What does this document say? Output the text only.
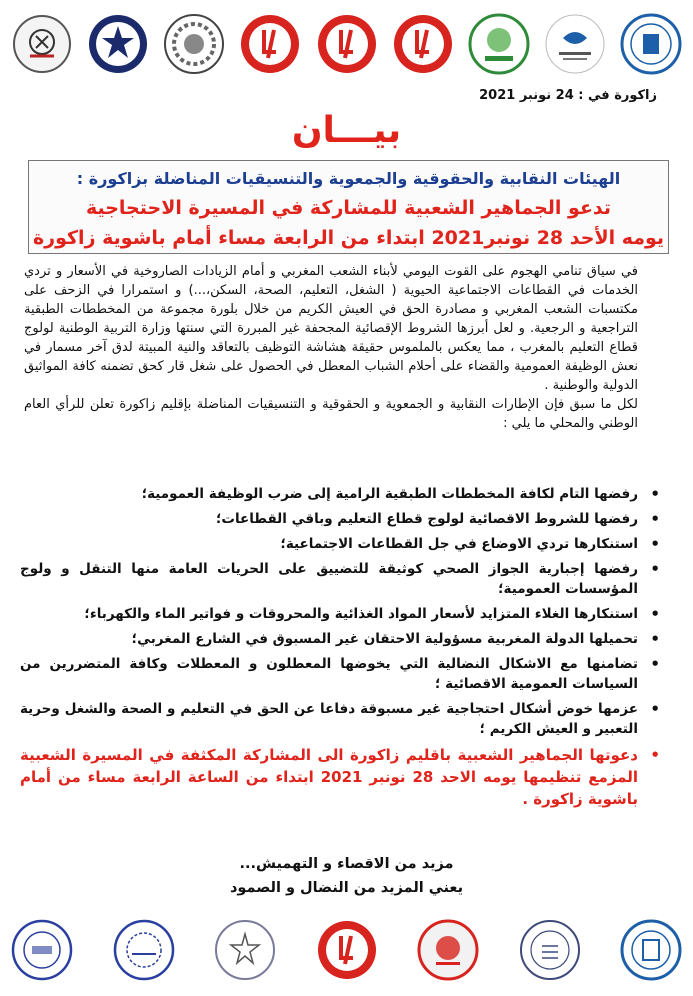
زاكورة في : 24 نونبر 2021
بيـــان
الهيئات النقابية والحقوقية والجمعوية والتنسيقيات المناضلة بزاكورة :
تدعو الجماهير الشعبية للمشاركة في المسيرة الاحتجاجية
يومه الأحد 28 نونبر2021 ابتداء من الرابعة مساء أمام باشوية زاكورة

في سياق تنامي الهجوم على القوت اليومي لأبناء الشعب المغربي و أمام الزيادات الصاروخية في الأسعار و تردي الخدمات في القطاعات الاجتماعية الحيوية ( الشغل، التعليم، الصحة، السكن،...) و استمرارا في الزحف على مكتسبات الشعب المغربي و مصادرة الحق في العيش الكريم من خلال بلورة مجموعة من المخططات الطبقية التراجعية و الرجعية. و لعل أبرزها الشروط الإقصائية المجحفة غير المبررة التي سنتها وزارة التربية الوطنية لولوج قطاع التعليم بالمغرب ، مما يعكس بالملموس حقيقة هشاشة التوظيف بالتعاقد والنية المبيتة لدق آخر مسمار في نعش الوظيفة العمومية والقضاء على أحلام الشباب المعطل في الحصول على شغل قار كحق تضمنه كافة المواثيق الدولية والوطنية .

لكل ما سبق فإن الإطارات النقابية و الجمعوية و الحقوقية و التنسيقيات المناضلة بإقليم زاكورة تعلن للرأي العام الوطني والمحلي ما يلي :

• رفضها التام لكافة المخططات الطبقية الرامية إلى ضرب الوظيفة العمومية؛
• رفضها للشروط الاقصائية لولوج قطاع التعليم وباقي القطاعات؛
• استنكارها تردي الاوضاع في جل القطاعات الاجتماعية؛
• رفضها إجبارية الجواز الصحي كوثيقة للتضييق على الحريات العامة منها التنقل و ولوج المؤسسات العمومية؛
• استنكارها الغلاء المتزايد لأسعار المواد الغذائية والمحروقات و فواتير الماء والكهرباء؛
• تحميلها الدولة المغربية مسؤولية الاحتقان غير المسبوق في الشارع المغربي؛
• تضامنها مع الاشكال النضالية التي يخوضها المعطلون و المعطلات وكافة المتضررين من السياسات العمومية الاقصائية ؛
• عزمها خوض أشكال احتجاجية غير مسبوقة دفاعا عن الحق في التعليم و الصحة والشغل وحرية التعبير و العيش الكريم ؛
• دعوتها الجماهير الشعبية باقليم زاكورة الى المشاركة المكثفة في المسيرة الشعبية المزمع تنظيمها يومه الاحد 28 نونبر 2021 ابتداء من الساعة الرابعة مساء من أمام باشوية زاكورة .
مزيد من الاقصاء و التهميش...
يعني المزيد من النضال و الصمود
